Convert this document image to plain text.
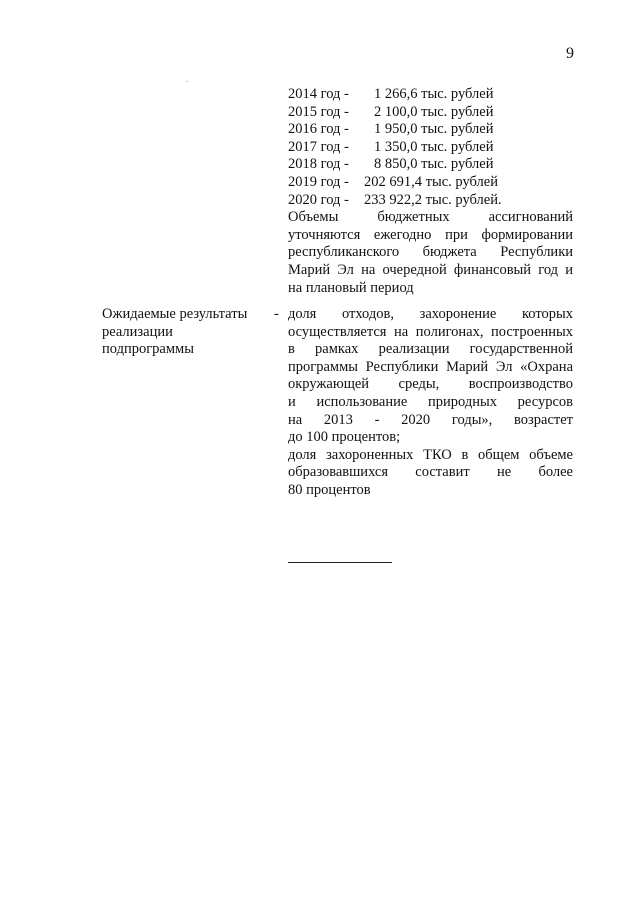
9
2014 год - 1 266,6 тыс. рублей
2015 год - 2 100,0 тыс. рублей
2016 год - 1 950,0 тыс. рублей
2017 год - 1 350,0 тыс. рублей
2018 год - 8 850,0 тыс. рублей
2019 год - 202 691,4 тыс. рублей
2020 год - 233 922,2 тыс. рублей.
Объемы бюджетных ассигнований
уточняются ежегодно при формировании
республиканского бюджета Республики
Марий Эл на очередной финансовый год и
на плановый период
Ожидаемые результаты
реализации
подпрограммы
- доля отходов, захоронение которых
осуществляется на полигонах, построенных
в рамках реализации государственной
программы Республики Марий Эл «Охрана
окружающей среды, воспроизводство
и использование природных ресурсов
на 2013 - 2020 годы», возрастет
до 100 процентов;
доля захороненных ТКО в общем объеме
образовавшихся составит не более
80 процентов
